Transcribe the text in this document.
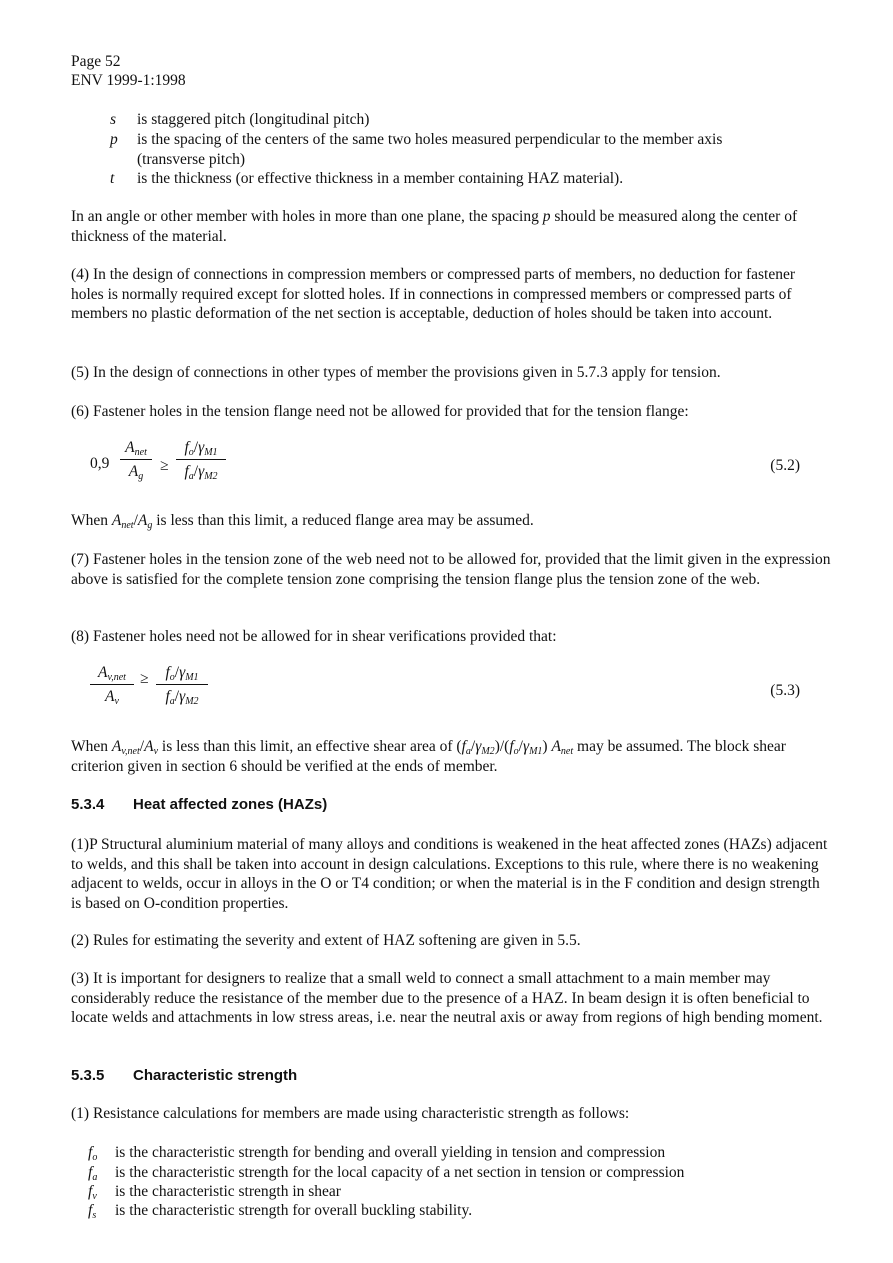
Page 52
ENV 1999-1:1998
s	is staggered pitch (longitudinal pitch)
p	is the spacing of the centers of the same two holes measured perpendicular to the member axis (transverse pitch)
t	is the thickness (or effective thickness in a member containing HAZ material).
In an angle or other member with holes in more than one plane, the spacing p should be measured along the center of thickness of the material.
(4) In the design of connections in compression members or compressed parts of members, no deduction for fastener holes is normally required except for slotted holes. If in connections in compressed members or compressed parts of members no plastic deformation of the net section is acceptable, deduction of holes should be taken into account.
(5) In the design of connections in other types of member the provisions given in 5.7.3 apply for tension.
(6) Fastener holes in the tension flange need not be allowed for provided that for the tension flange:
0,9
$A_{net}$
$A_g$
≥
$f_o/\gamma_{M1}$
$f_a/\gamma_{M2}$
(5.2)
When $A_{net}/A_g$ is less than this limit, a reduced flange area may be assumed.
(7) Fastener holes in the tension zone of the web need not to be allowed for, provided that the limit given in the expression above is satisfied for the complete tension zone comprising the tension flange plus the tension zone of the web.
(8) Fastener holes need not be allowed for in shear verifications provided that:
$A_{v,net}$
$A_v$
≥	$f_o/\gamma_{M1}$
$f_a/\gamma_{M2}$
(5.3)
When $A_{v,net}/A_v$ is less than this limit, an effective shear area of $(f_a/\gamma_{M2})/(f_o/\gamma_{M1})$ $A_{net}$ may be assumed. The block shear criterion given in section 6 should be verified at the ends of member.
5.3.4 Heat affected zones (HAZs)
(1)P Structural aluminium material of many alloys and conditions is weakened in the heat affected zones (HAZs) adjacent to welds, and this shall be taken into account in design calculations. Exceptions to this rule, where there is no weakening adjacent to welds, occur in alloys in the O or T4 condition; or when the material is in the F condition and design strength is based on O-condition properties.
(2) Rules for estimating the severity and extent of HAZ softening are given in 5.5.
(3) It is important for designers to realize that a small weld to connect a small attachment to a main member may considerably reduce the resistance of the member due to the presence of a HAZ. In beam design it is often beneficial to locate welds and attachments in low stress areas, i.e. near the neutral axis or away from regions of high bending moment.
5.3.5 Characteristic strength
(1) Resistance calculations for members are made using characteristic strength as follows:
$f_o$	is the characteristic strength for bending and overall yielding in tension and compression
$f_a$	is the characteristic strength for the local capacity of a net section in tension or compression
$f_v$	is the characteristic strength in shear
$f_s$	is the characteristic strength for overall buckling stability.
